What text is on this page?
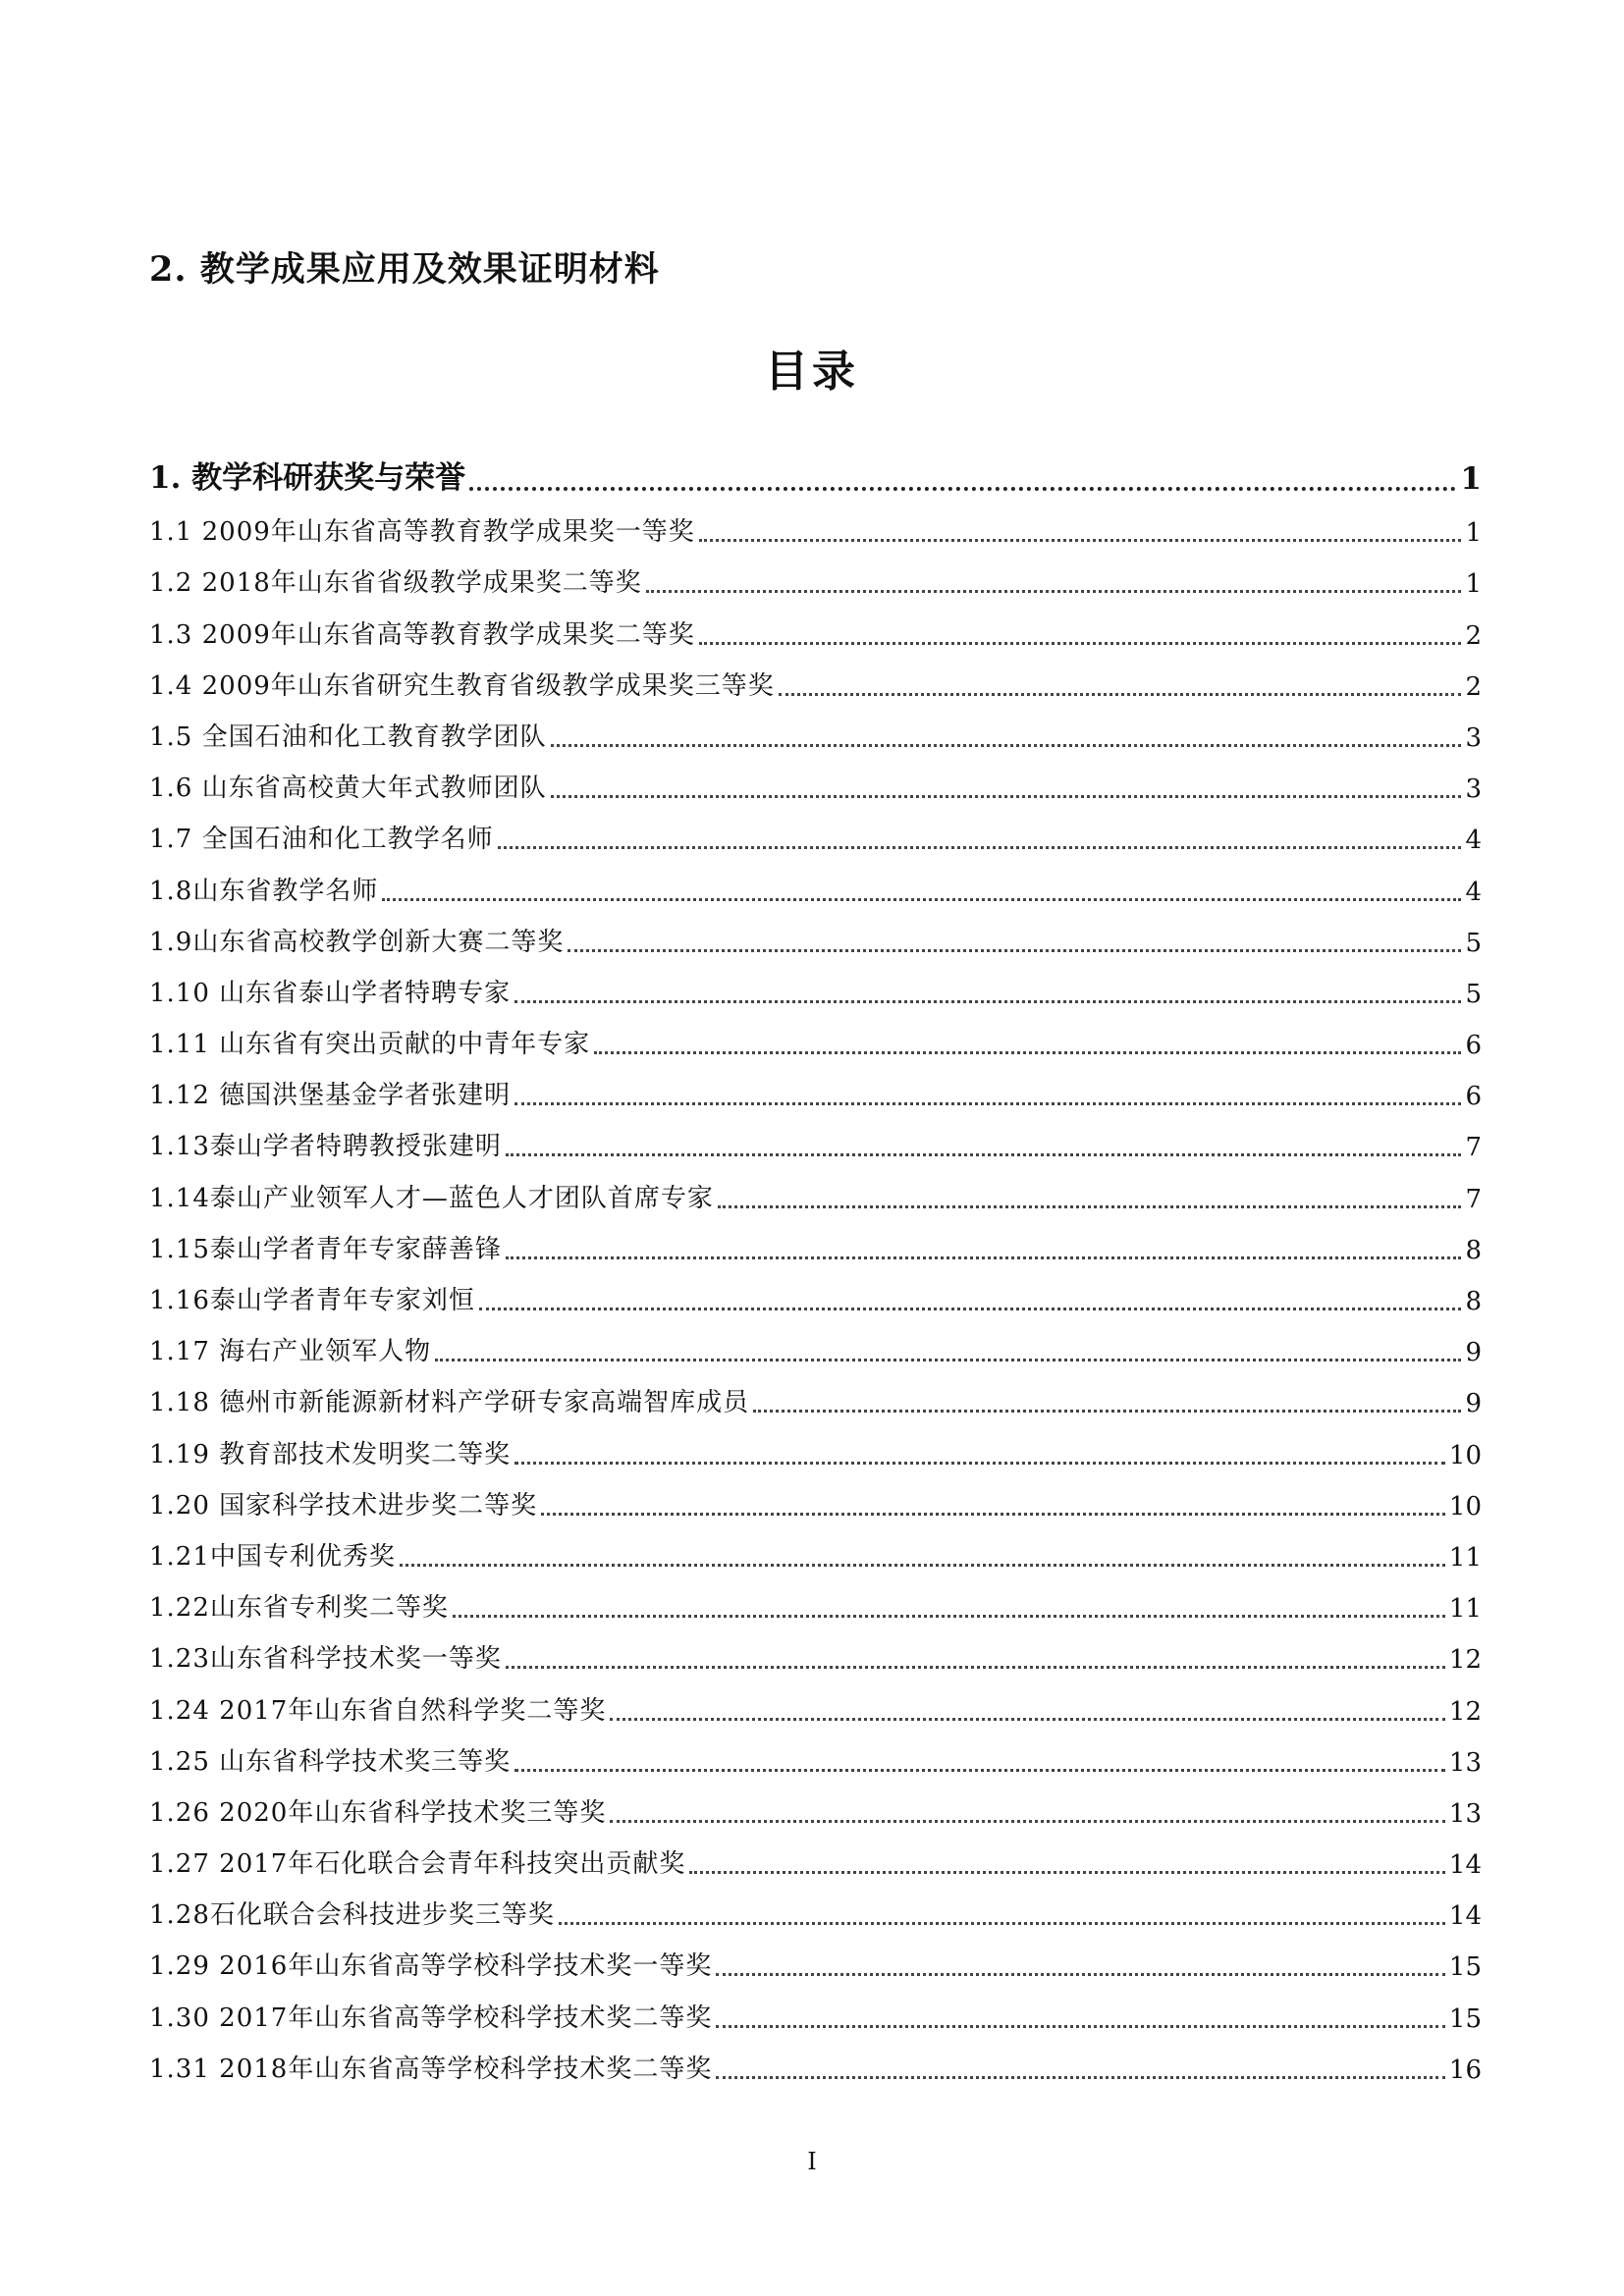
2. 教学成果应用及效果证明材料
目录
1. 教学科研获奖与荣誉	1
1.1 2009年山东省高等教育教学成果奖一等奖	1
1.2 2018年山东省省级教学成果奖二等奖	1
1.3 2009年山东省高等教育教学成果奖二等奖	2
1.4 2009年山东省研究生教育省级教学成果奖三等奖	2
1.5 全国石油和化工教育教学团队	3
1.6 山东省高校黄大年式教师团队	3
1.7 全国石油和化工教学名师	4
1.8山东省教学名师	4
1.9山东省高校教学创新大赛二等奖	5
1.10 山东省泰山学者特聘专家	5
1.11 山东省有突出贡献的中青年专家	6
1.12 德国洪堡基金学者张建明	6
1.13泰山学者特聘教授张建明	7
1.14泰山产业领军人才—蓝色人才团队首席专家	7
1.15泰山学者青年专家薛善锋	8
1.16泰山学者青年专家刘恒	8
1.17 海右产业领军人物	9
1.18 德州市新能源新材料产学研专家高端智库成员	9
1.19 教育部技术发明奖二等奖	10
1.20 国家科学技术进步奖二等奖	10
1.21中国专利优秀奖	11
1.22山东省专利奖二等奖	11
1.23山东省科学技术奖一等奖	12
1.24 2017年山东省自然科学奖二等奖	12
1.25 山东省科学技术奖三等奖	13
1.26 2020年山东省科学技术奖三等奖	13
1.27 2017年石化联合会青年科技突出贡献奖	14
1.28石化联合会科技进步奖三等奖	14
1.29 2016年山东省高等学校科学技术奖一等奖	15
1.30 2017年山东省高等学校科学技术奖二等奖	15
1.31 2018年山东省高等学校科学技术奖二等奖	16
I
